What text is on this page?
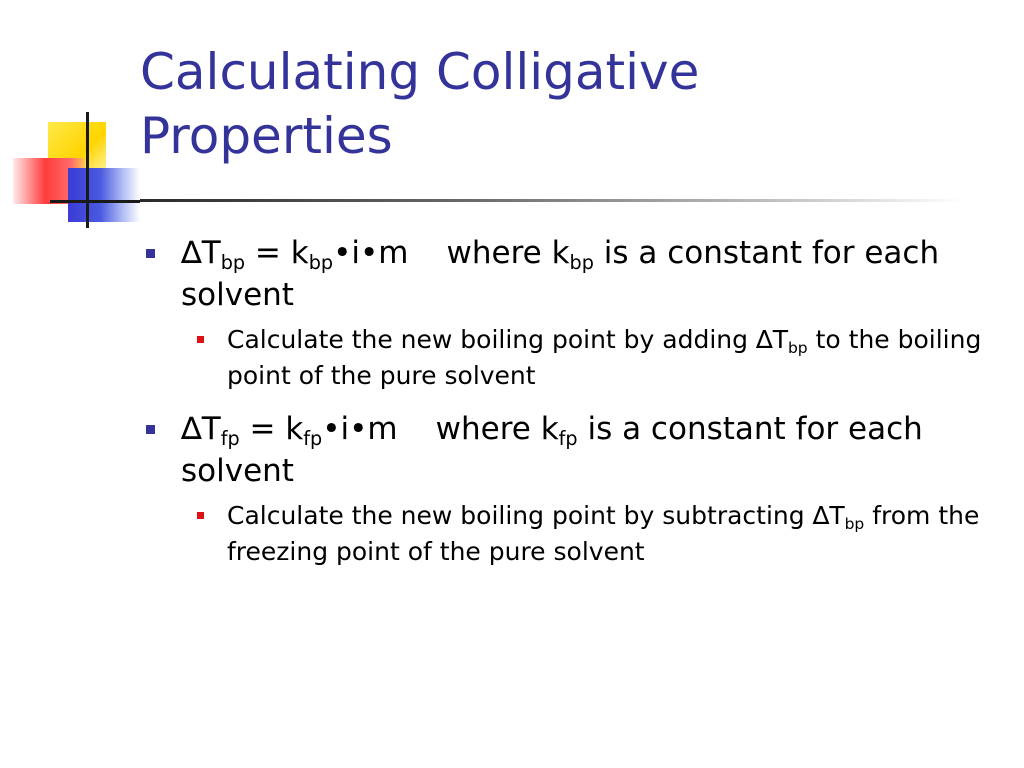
Calculating Colligative
Properties
$\Delta T_{bp}$ = $k_{bp}•i•m$ where $k_{bp}$ is a constant for each solvent
Calculate the new boiling point by adding $\Delta T_{bp}$ to the boiling point of the pure solvent
$\Delta T_{fp}$ = $k_{fp}•i•m$ where $k_{fp}$ is a constant for each solvent
Calculate the new boiling point by subtracting $\Delta T_{bp}$ from the freezing point of the pure solvent
